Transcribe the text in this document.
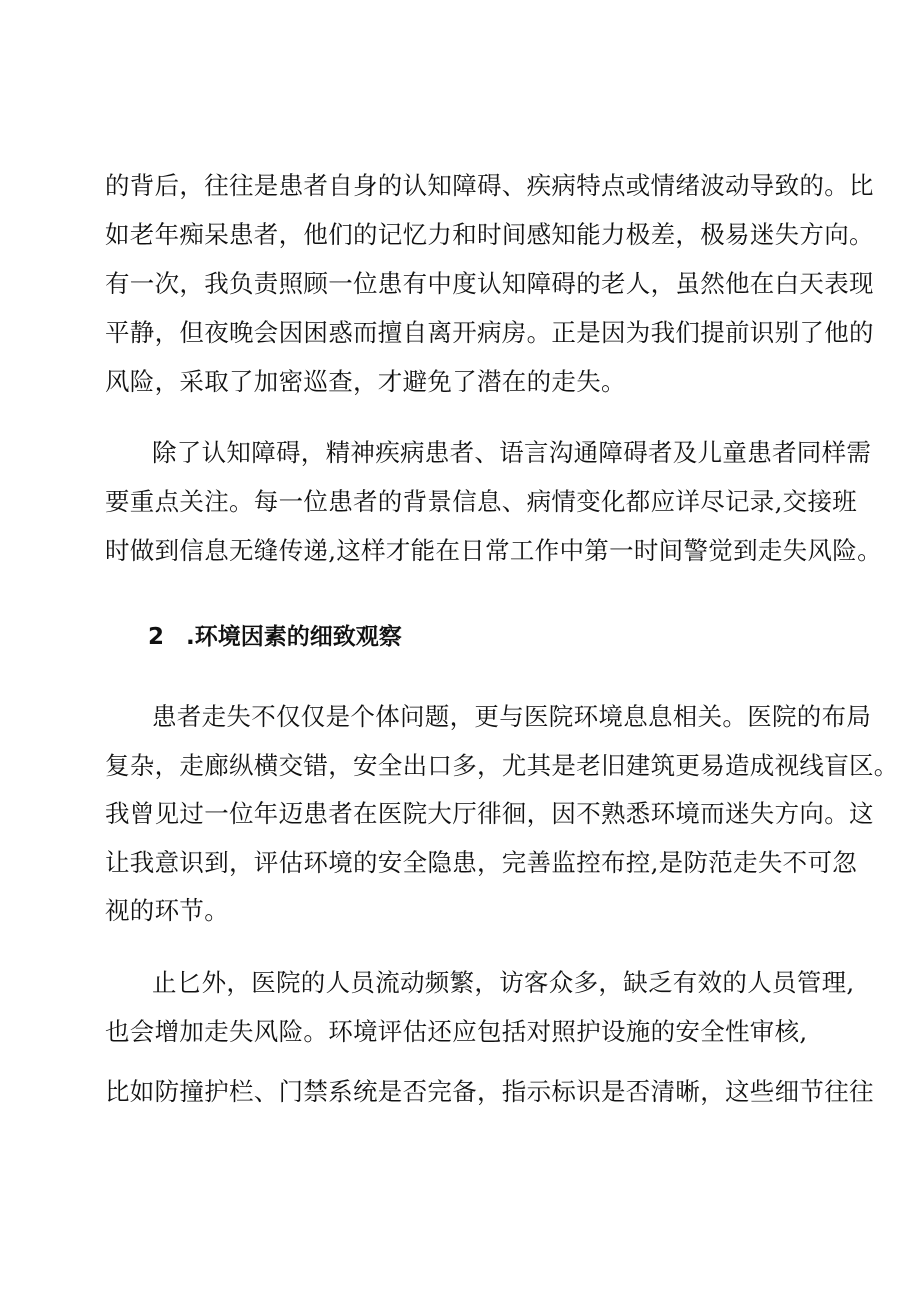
的背后，往往是患者自身的认知障碍、疾病特点或情绪波动导致的。比
如老年痴呆患者，他们的记忆力和时间感知能力极差，极易迷失方向。
有一次，我负责照顾一位患有中度认知障碍的老人，虽然他在白天表现
平静，但夜晚会因困惑而擅自离开病房。正是因为我们提前识别了他的
风险，采取了加密巡查，才避免了潜在的走失。
除了认知障碍，精神疾病患者、语言沟通障碍者及儿童患者同样需
要重点关注。每一位患者的背景信息、病情变化都应详尽记录,交接班
时做到信息无缝传递,这样才能在日常工作中第一时间警觉到走失风险。
2 .环境因素的细致观察
患者走失不仅仅是个体问题，更与医院环境息息相关。医院的布局
复杂，走廊纵横交错，安全出口多，尤其是老旧建筑更易造成视线盲区。
我曾见过一位年迈患者在医院大厅徘徊，因不熟悉环境而迷失方向。这
让我意识到，评估环境的安全隐患，完善监控布控,是防范走失不可忽
视的环节。
止匕外，医院的人员流动频繁，访客众多，缺乏有效的人员管理,
也会增加走失风险。环境评估还应包括对照护设施的安全性审核,
比如防撞护栏、门禁系统是否完备，指示标识是否清晰，这些细节往往
